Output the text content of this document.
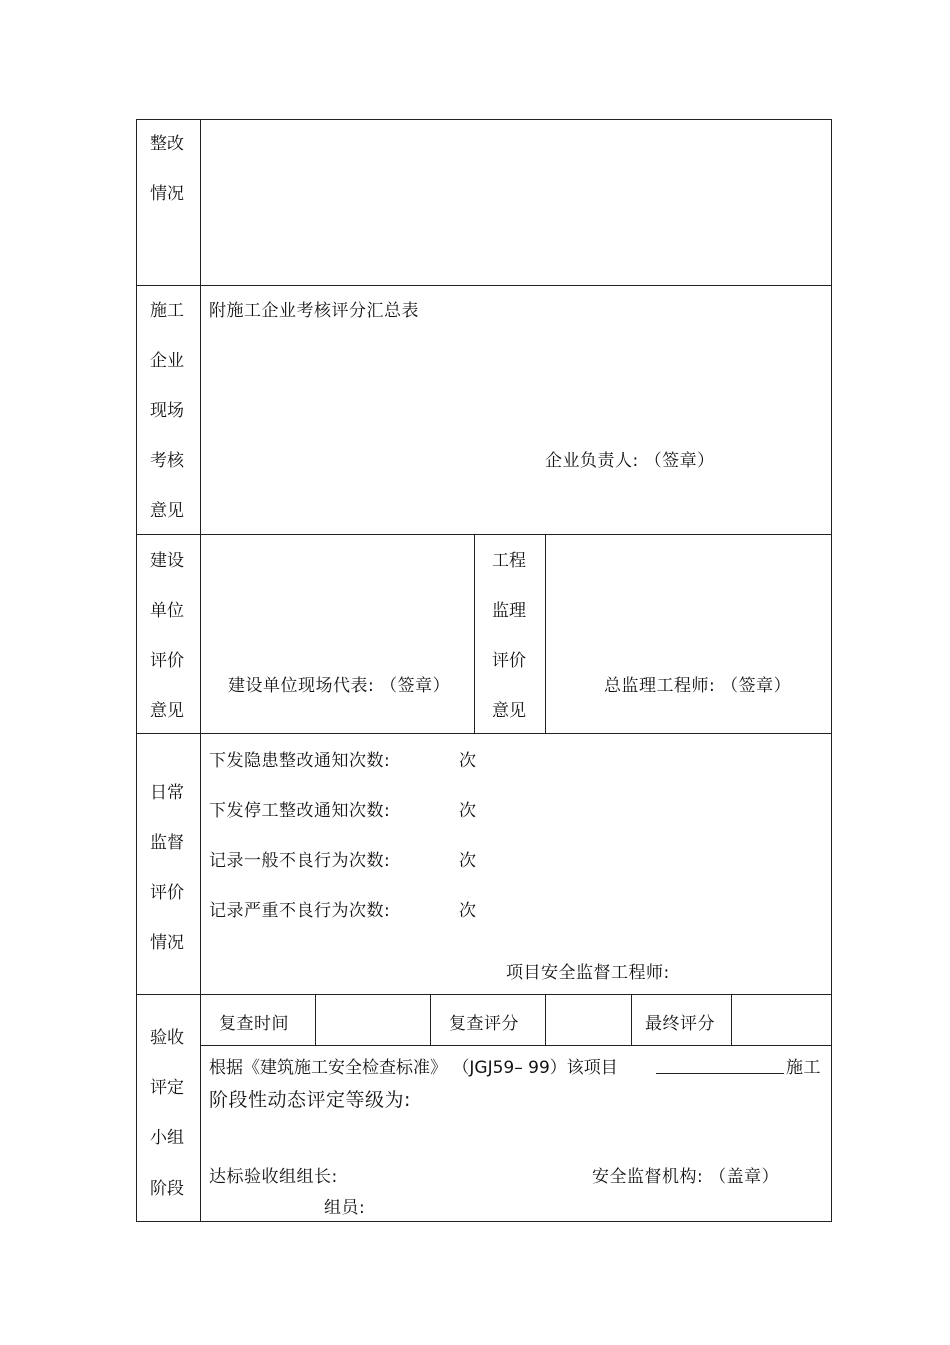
整改
情况
施工
企业
现场
考核
意见
附施工企业考核评分汇总表
企业负责人: （签章）
建设
单位
评价
意见
建设单位现场代表: （签章）
工程
监理
评价
意见
总监理工程师: （签章）
日常
监督
评价
情况
下发隐患整改通知次数:	次
下发停工整改通知次数:	次
记录一般不良行为次数:	次
记录严重不良行为次数:	次
项目安全监督工程师:
验收
评定
小组
阶段
复查时间	复查评分	最终评分
根据《建筑施工安全检查标准》 （JGJ59– 99）该项目	施工
阶段性动态评定等级为:
达标验收组组长:	安全监督机构: （盖章）
组员:
